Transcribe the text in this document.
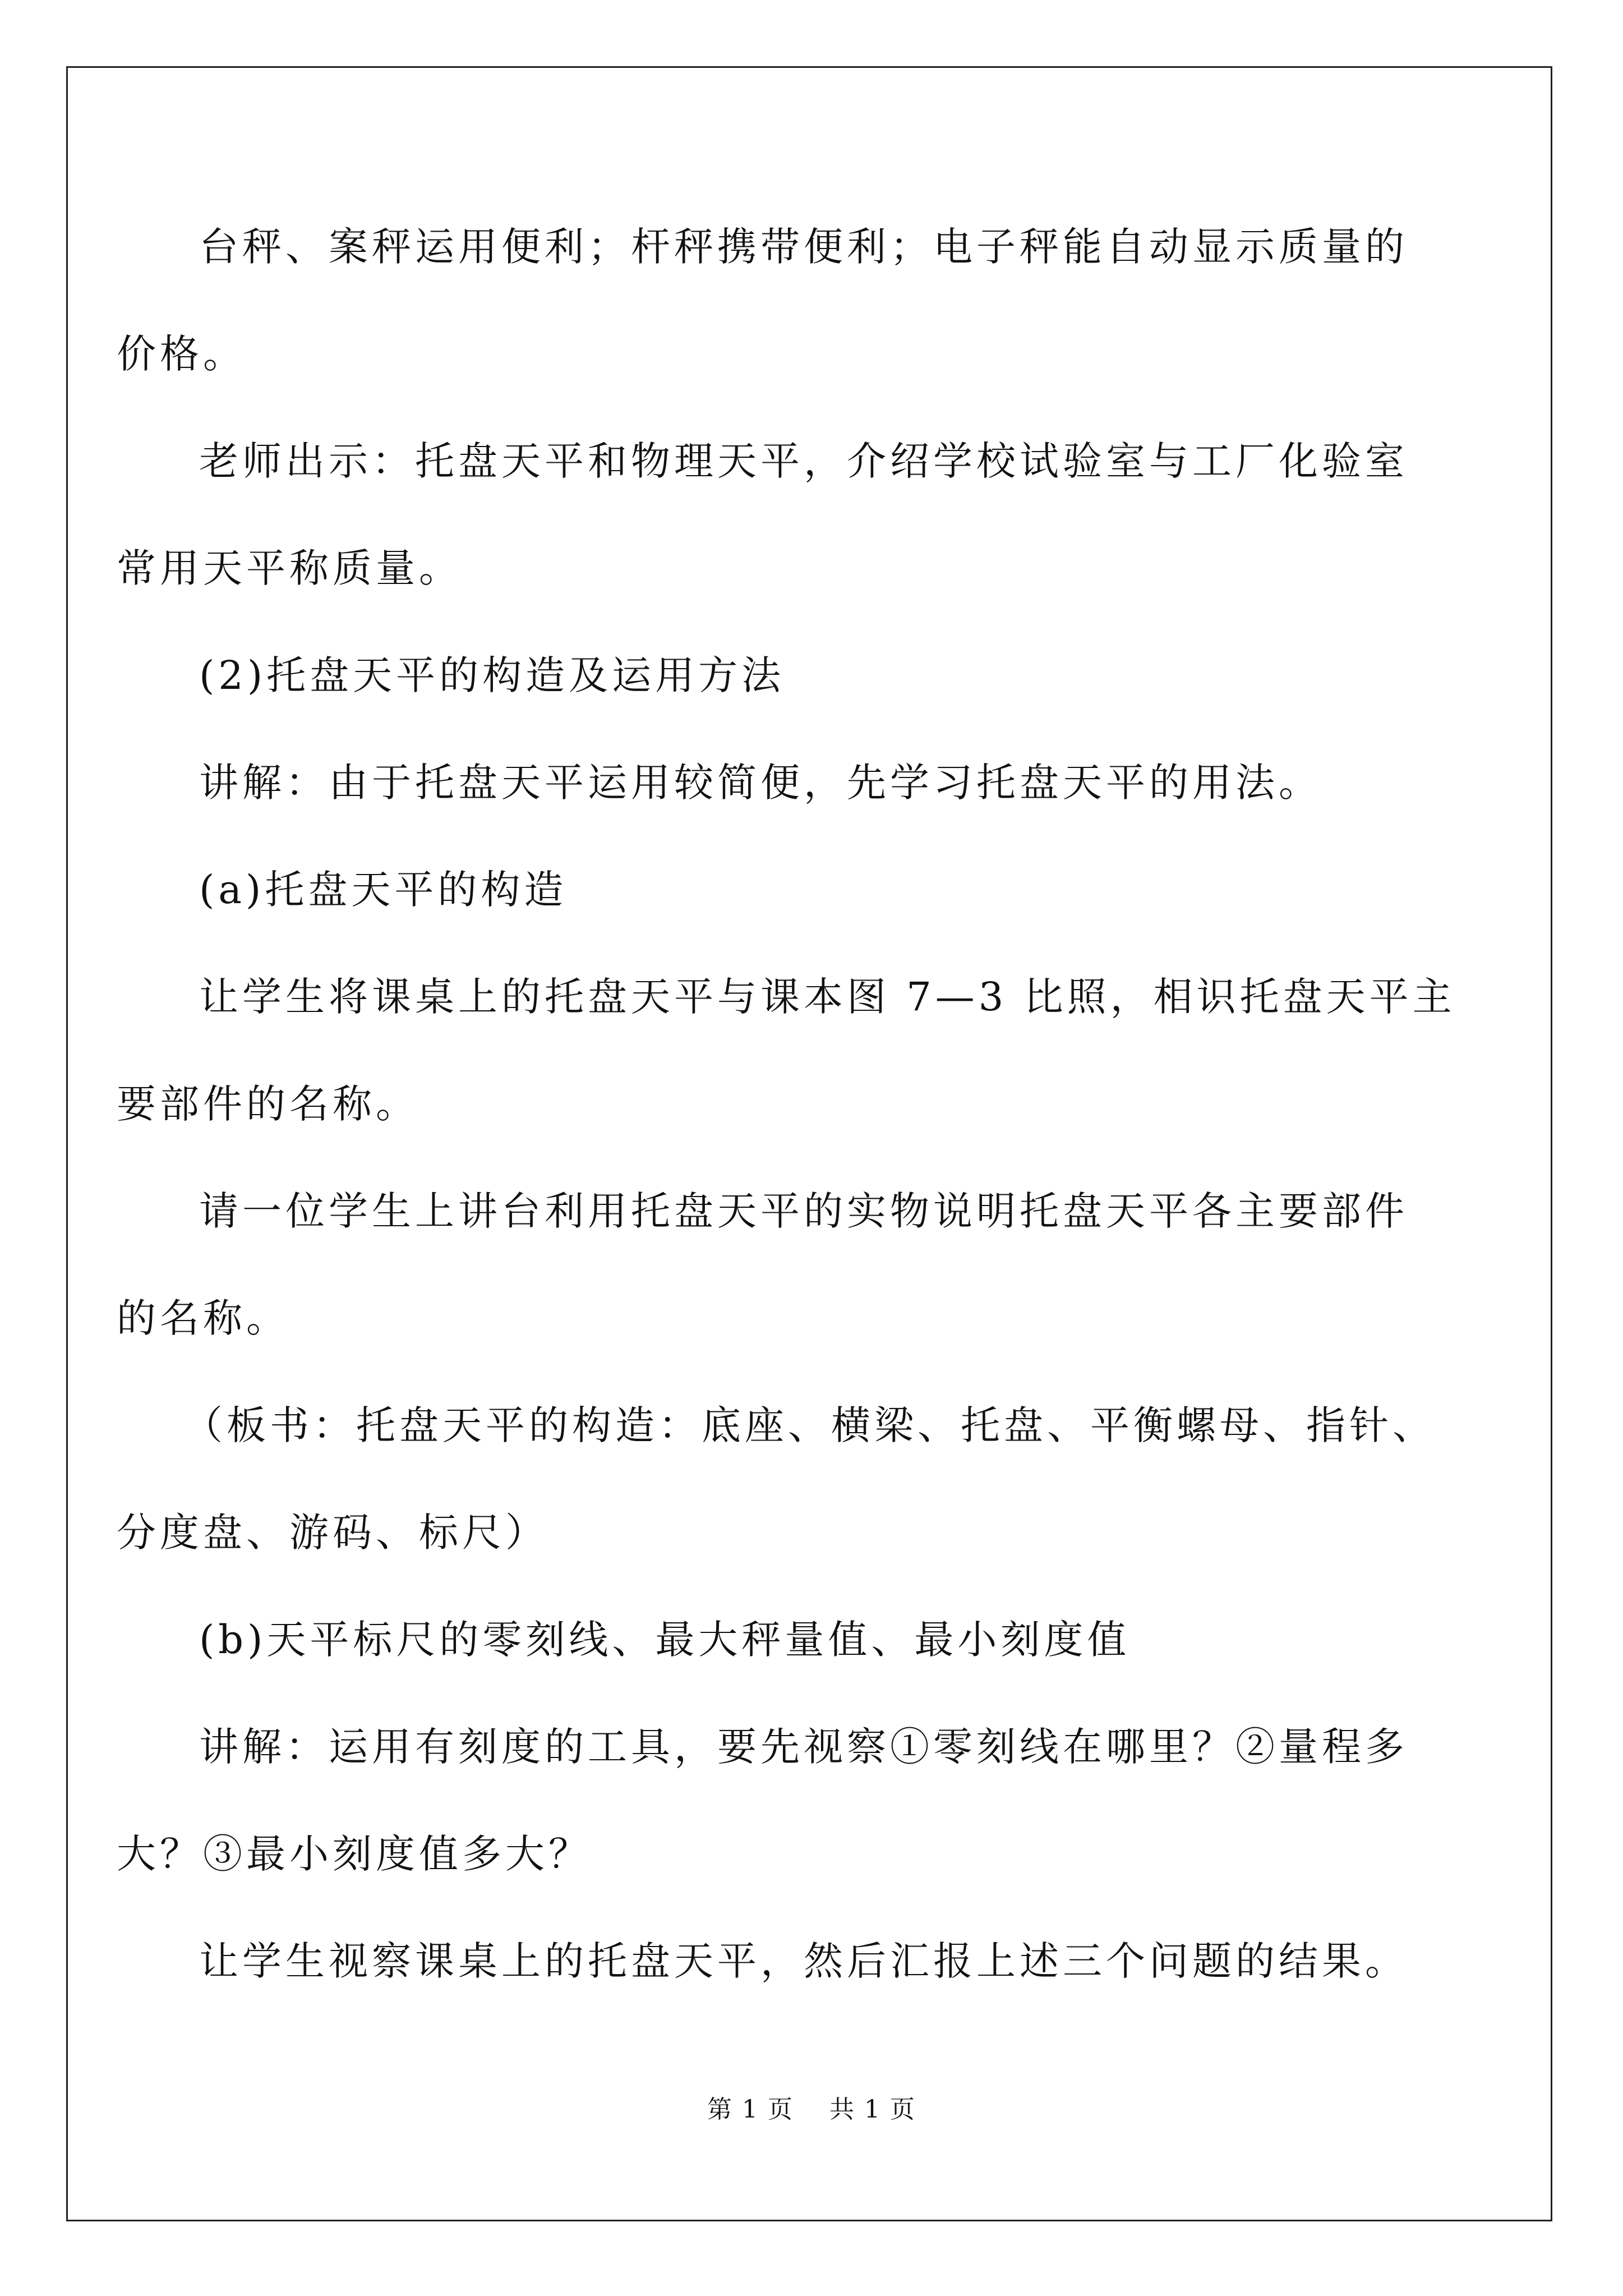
台秤、案秤运用便利；杆秤携带便利；电子秤能自动显示质量的
价格。
老师出示：托盘天平和物理天平，介绍学校试验室与工厂化验室
常用天平称质量。
(2)托盘天平的构造及运用方法
讲解：由于托盘天平运用较简便，先学习托盘天平的用法。
(a)托盘天平的构造
让学生将课桌上的托盘天平与课本图 7—3 比照，相识托盘天平主
要部件的名称。
请一位学生上讲台利用托盘天平的实物说明托盘天平各主要部件
的名称。
（板书：托盘天平的构造：底座、横梁、托盘、平衡螺母、指针、
分度盘、游码、标尺）
(b)天平标尺的零刻线、最大秤量值、最小刻度值
讲解：运用有刻度的工具，要先视察①零刻线在哪里？②量程多
大？③最小刻度值多大？
让学生视察课桌上的托盘天平，然后汇报上述三个问题的结果。
第 1 页 共 1 页
